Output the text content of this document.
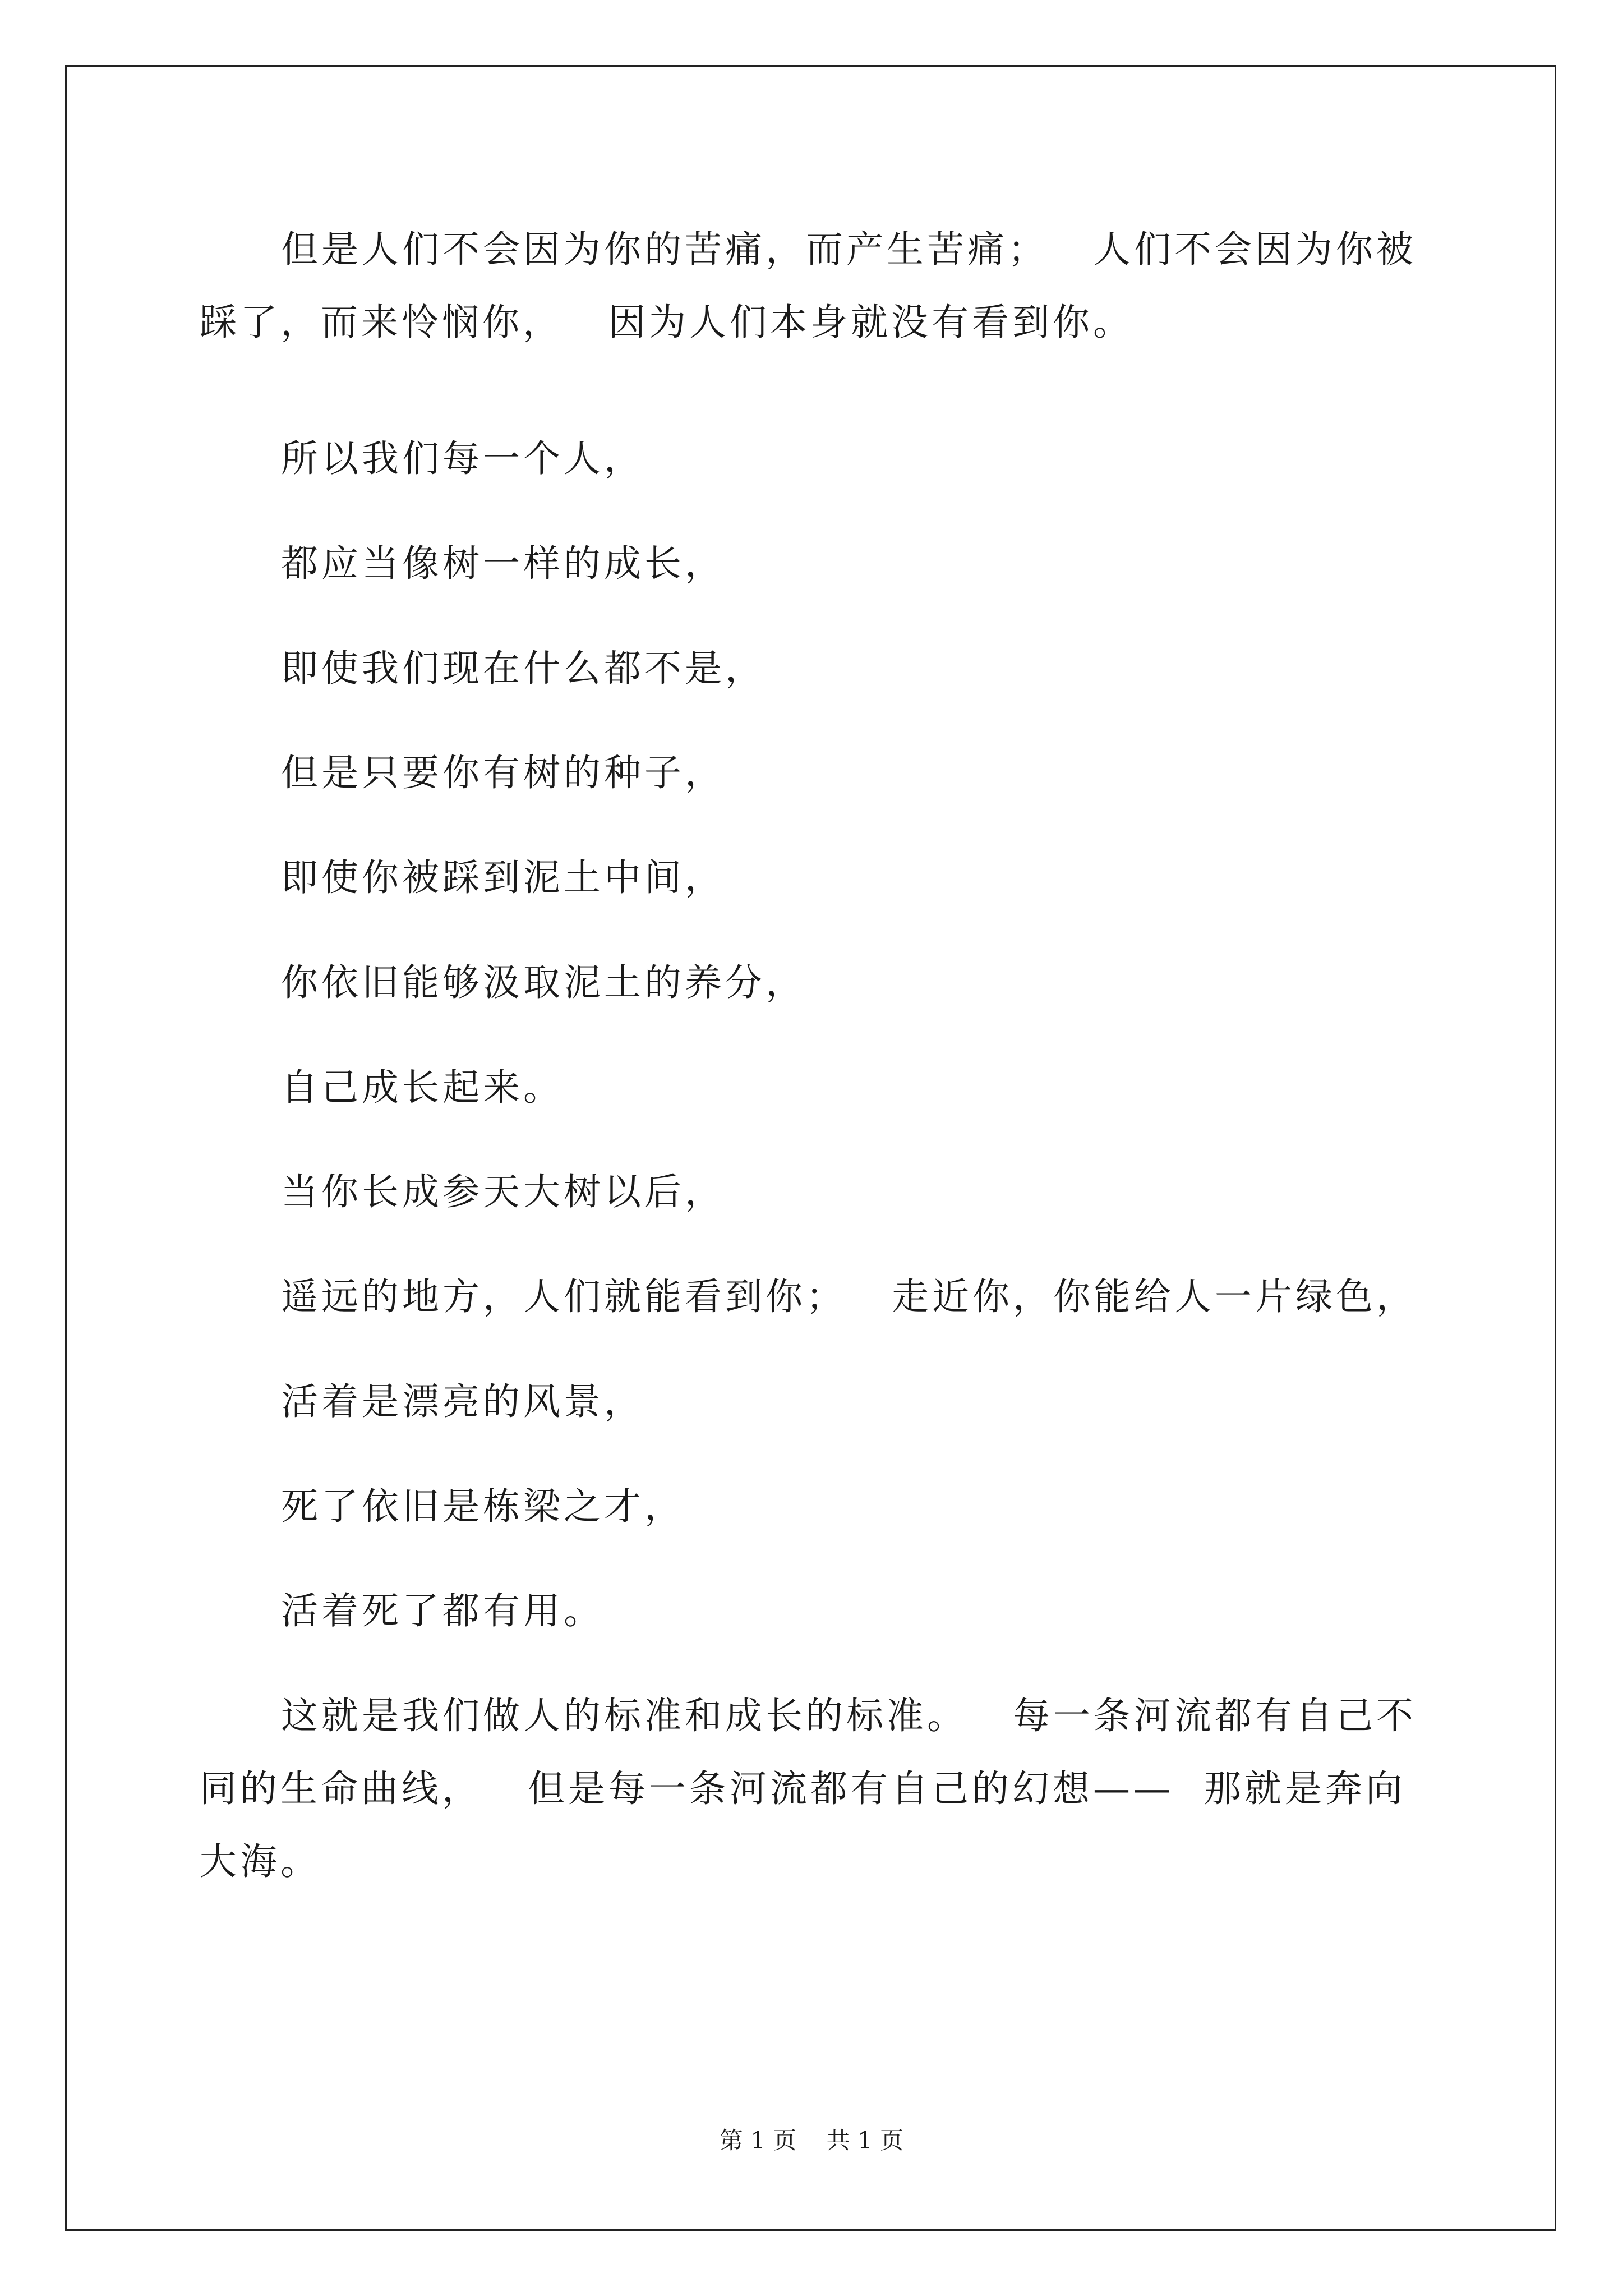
但是人们不会因为你的苦痛，而产生苦痛；   人们不会因为你被

踩了，而来怜悯你，   因为人们本身就没有看到你。

所以我们每一个人，

都应当像树一样的成长，

即使我们现在什么都不是，

但是只要你有树的种子，

即使你被踩到泥土中间，

你依旧能够汲取泥土的养分，

自己成长起来。

当你长成参天大树以后，

遥远的地方，人们就能看到你；   走近你，你能给人一片绿色，

活着是漂亮的风景，

死了依旧是栋梁之才，

活着死了都有用。

这就是我们做人的标准和成长的标准。   每一条河流都有自己不

同的生命曲线，   但是每一条河流都有自己的幻想——  那就是奔向

大海。

第 1 页    共 1 页
